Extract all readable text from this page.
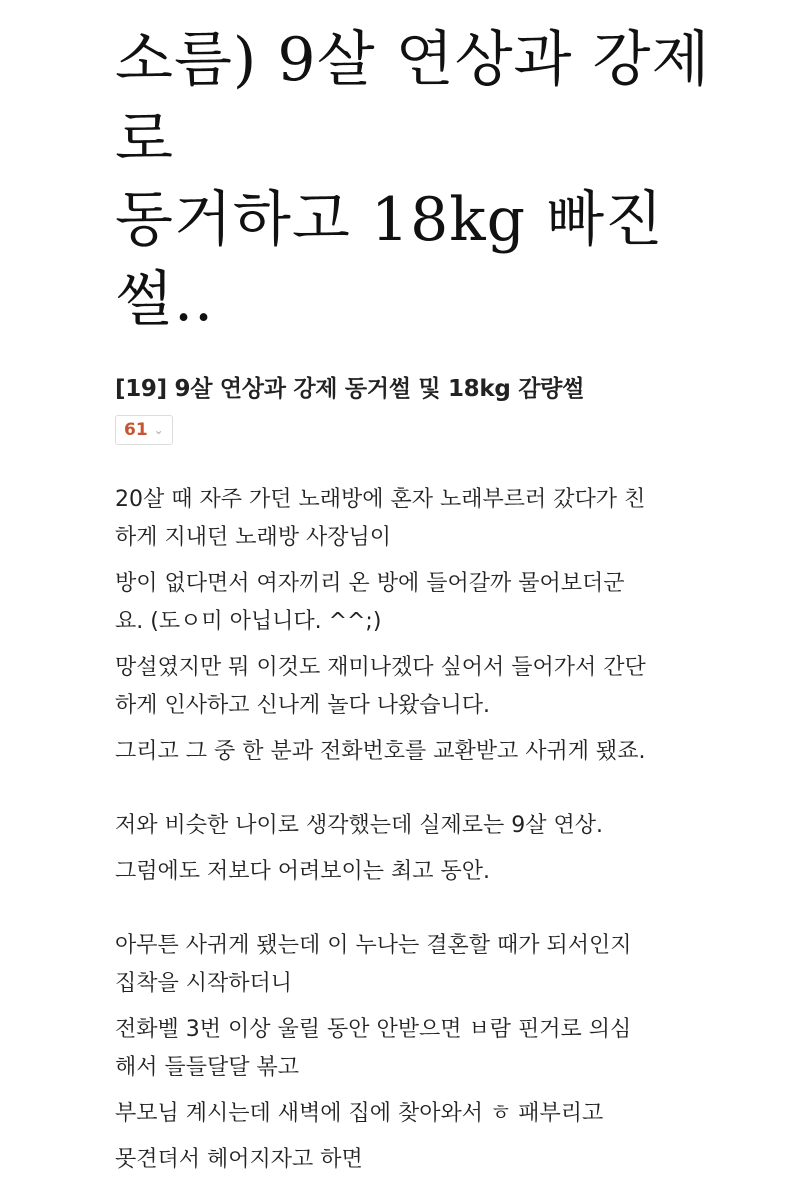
소름) 9살 연상과 강제로
동거하고 18kg 빠진 썰..
[19] 9살 연상과 강제 동거썰 및 18kg 감량썰
61 ⌄
20살 때 자주 가던 노래방에 혼자 노래부르러 갔다가 친
하게 지내던 노래방 사장님이
방이 없다면서 여자끼리 온 방에 들어갈까 물어보더군
요. (도ㅇ미 아닙니다. ^^;)
망설였지만 뭐 이것도 재미나겠다 싶어서 들어가서 간단
하게 인사하고 신나게 놀다 나왔습니다.
그리고 그 중 한 분과 전화번호를 교환받고 사귀게 됐죠.
저와 비슷한 나이로 생각했는데 실제로는 9살 연상.
그럼에도 저보다 어려보이는 최고 동안.
아무튼 사귀게 됐는데 이 누나는 결혼할 때가 되서인지
집착을 시작하더니
전화벨 3번 이상 울릴 동안 안받으면 ㅂ람 핀거로 의심
해서 들들달달 볶고
부모님 계시는데 새벽에 집에 찾아와서 ㅎ 패부리고
못견뎌서 헤어지자고 하면
